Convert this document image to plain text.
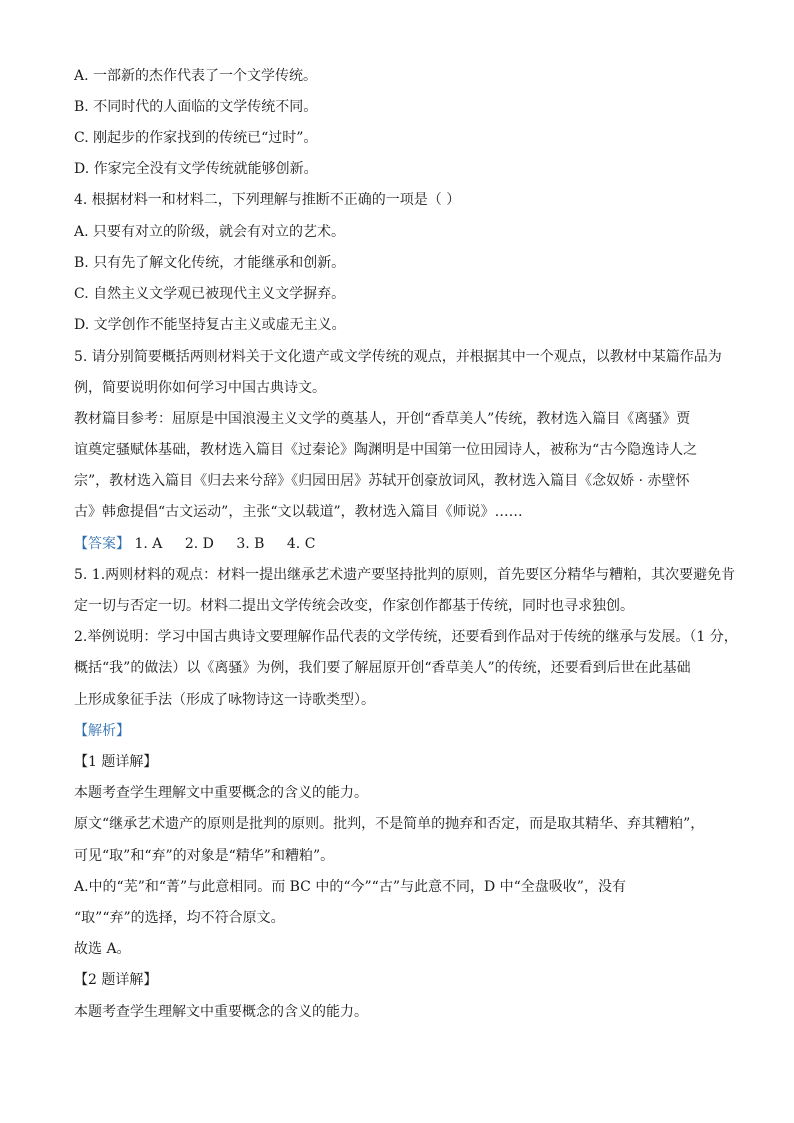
A. 一部新的杰作代表了一个文学传统。
B. 不同时代的人面临的文学传统不同。
C. 刚起步的作家找到的传统已“过时”。
D. 作家完全没有文学传统就能够创新。
4. 根据材料一和材料二，下列理解与推断不正确的一项是（ ）
A. 只要有对立的阶级，就会有对立的艺术。
B. 只有先了解文化传统，才能继承和创新。
C. 自然主义文学观已被现代主义文学摒弃。
D. 文学创作不能坚持复古主义或虚无主义。
5. 请分别简要概括两则材料关于文化遗产或文学传统的观点，并根据其中一个观点，以教材中某篇作品为
例，简要说明你如何学习中国古典诗文。
教材篇目参考：屈原是中国浪漫主义文学的奠基人，开创“香草美人”传统，教材选入篇目《离骚》贾
谊奠定骚赋体基础，教材选入篇目《过秦论》陶渊明是中国第一位田园诗人，被称为“古今隐逸诗人之
宗”，教材选入篇目《归去来兮辞》《归园田居》苏轼开创豪放词风，教材选入篇目《念奴娇 · 赤壁怀
古》韩愈提倡“古文运动”，主张“文以载道”，教材选入篇目《师说》……
【答案】 1. A 2. D 3. B 4. C
5. 1.两则材料的观点：材料一提出继承艺术遗产要坚持批判的原则，首先要区分精华与糟粕，其次要避免肯
定一切与否定一切。材料二提出文学传统会改变，作家创作都基于传统，同时也寻求独创。
2.举例说明：学习中国古典诗文要理解作品代表的文学传统，还要看到作品对于传统的继承与发展。（1 分，
概括“我”的做法）以《离骚》为例，我们要了解屈原开创“香草美人”的传统，还要看到后世在此基础
上形成象征手法（形成了咏物诗这一诗歌类型）。
【解析】
【1 题详解】
本题考查学生理解文中重要概念的含义的能力。
原文“继承艺术遗产的原则是批判的原则。批判，不是简单的抛弃和否定，而是取其精华、弃其糟粕”，
可见“取”和“弃”的对象是“精华”和糟粕”。
A.中的“芜”和“菁”与此意相同。而 BC 中的“今”“古”与此意不同，D 中“全盘吸收”，没有
“取”“弃”的选择，均不符合原文。
故选 A。
【2 题详解】
本题考查学生理解文中重要概念的含义的能力。
